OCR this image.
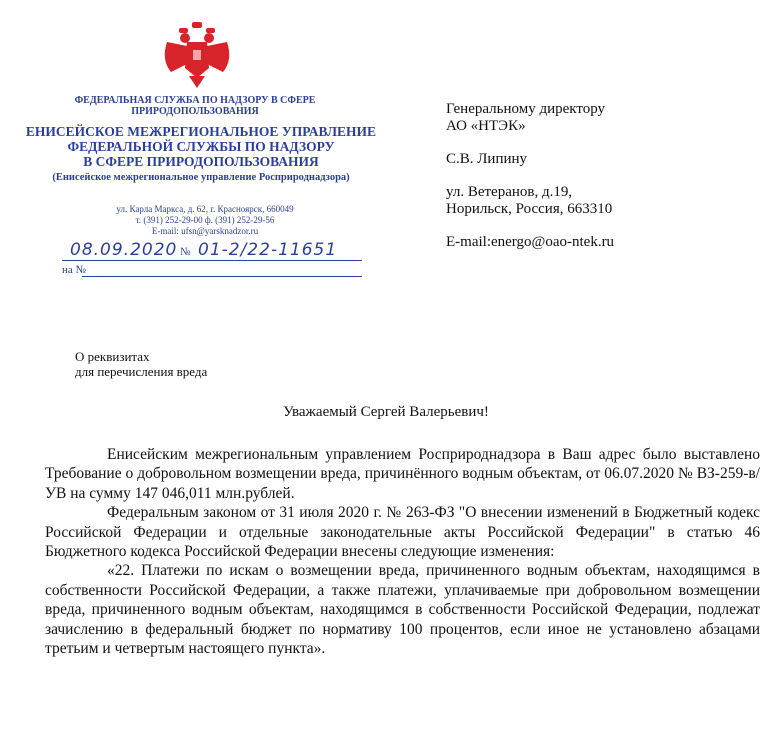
ФЕДЕРАЛЬНАЯ СЛУЖБА ПО НАДЗОРУ В СФЕРЕ
ПРИРОДОПОЛЬЗОВАНИЯ
ЕНИСЕЙСКОЕ МЕЖРЕГИОНАЛЬНОЕ УПРАВЛЕНИЕ
ФЕДЕРАЛЬНОЙ СЛУЖБЫ ПО НАДЗОРУ
В СФЕРЕ ПРИРОДОПОЛЬЗОВАНИЯ
(Енисейское межрегиональное управление Росприроднадзора)
ул. Карла Маркса, д. 62, г. Красноярск, 660049
т. (391) 252-29-00 ф. (391) 252-29-56
E-mail: ufsn@yarsknadzor.ru
08.09.2020 № 01-2/22-11651
на №
Генеральному директору
АО «НТЭК»
С.В. Липину
ул. Ветеранов, д.19,
Норильск, Россия, 663310
E-mail:energo@oao-ntek.ru
О реквизитах
для перечисления вреда
Уважаемый Сергей Валерьевич!

Енисейским межрегиональным управлением Росприроднадзора в Ваш адрес было выставлено Требование о добровольном возмещении вреда, причинённого водным объектам, от 06.07.2020 № ВЗ-259-в/УВ на сумму 147 046,011 млн.рублей.

Федеральным законом от 31 июля 2020 г. № 263-ФЗ "О внесении изменений в Бюджетный кодекс Российской Федерации и отдельные законодательные акты Российской Федерации" в статью 46 Бюджетного кодекса Российской Федерации внесены следующие изменения:

«22. Платежи по искам о возмещении вреда, причиненного водным объектам, находящимся в собственности Российской Федерации, а также платежи, уплачиваемые при добровольном возмещении вреда, причиненного водным объектам, находящимся в собственности Российской Федерации, подлежат зачислению в федеральный бюджет по нормативу 100 процентов, если иное не установлено абзацами третьим и четвертым настоящего пункта».
